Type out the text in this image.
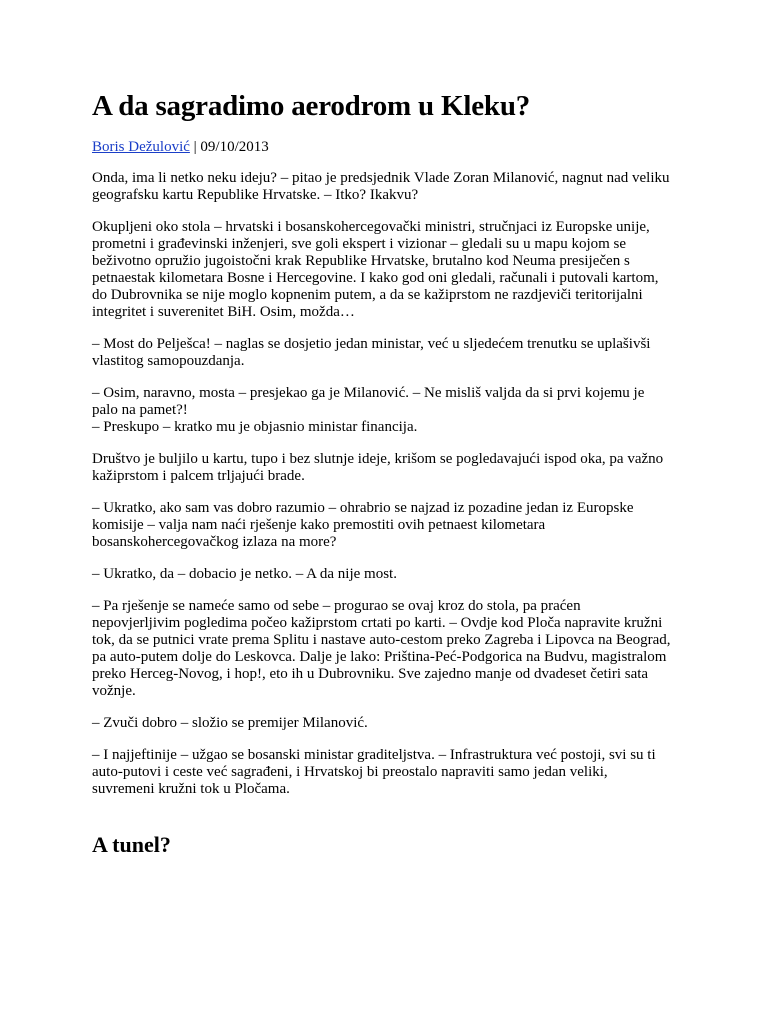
A da sagradimo aerodrom u Kleku?
Boris Dežulović | 09/10/2013

Onda, ima li netko neku ideju? – pitao je predsjednik Vlade Zoran Milanović, nagnut nad veliku geografsku kartu Republike Hrvatske. – Itko? Ikakvu?

Okupljeni oko stola – hrvatski i bosanskohercegovački ministri, stručnjaci iz Europske unije, prometni i građevinski inženjeri, sve goli ekspert i vizionar – gledali su u mapu kojom se beživotno opružio jugoistočni krak Republike Hrvatske, brutalno kod Neuma presiječen s petnaestak kilometara Bosne i Hercegovine. I kako god oni gledali, računali i putovali kartom, do Dubrovnika se nije moglo kopnenim putem, a da se kažiprstom ne razdjeviči teritorijalni integritet i suverenitet BiH. Osim, možda…

– Most do Pelješca! – naglas se dosjetio jedan ministar, već u sljedećem trenutku se uplašivši vlastitog samopouzdanja.

– Osim, naravno, mosta – presjekao ga je Milanović. – Ne misliš valjda da si prvi kojemu je palo na pamet?!
– Preskupo – kratko mu je objasnio ministar financija.

Društvo je buljilo u kartu, tupo i bez slutnje ideje, krišom se pogledavajući ispod oka, pa važno kažiprstom i palcem trljajući brade.

– Ukratko, ako sam vas dobro razumio – ohrabrio se najzad iz pozadine jedan iz Europske komisije – valja nam naći rješenje kako premostiti ovih petnaest kilometara bosanskohercegovačkog izlaza na more?

– Ukratko, da – dobacio je netko. – A da nije most.

– Pa rješenje se nameće samo od sebe – progurao se ovaj kroz do stola, pa praćen nepovjerljivim pogledima počeo kažiprstom crtati po karti. – Ovdje kod Ploča napravite kružni tok, da se putnici vrate prema Splitu i nastave auto-cestom preko Zagreba i Lipovca na Beograd, pa auto-putem dolje do Leskovca. Dalje je lako: Priština-Peć-Podgorica na Budvu, magistralom preko Herceg-Novog, i hop!, eto ih u Dubrovniku. Sve zajedno manje od dvadeset četiri sata vožnje.

– Zvuči dobro – složio se premijer Milanović.

– I najjeftinije – užgao se bosanski ministar graditeljstva. – Infrastruktura već postoji, svi su ti auto-putovi i ceste već sagrađeni, i Hrvatskoj bi preostalo napraviti samo jedan veliki, suvremeni kružni tok u Pločama.

A tunel?
